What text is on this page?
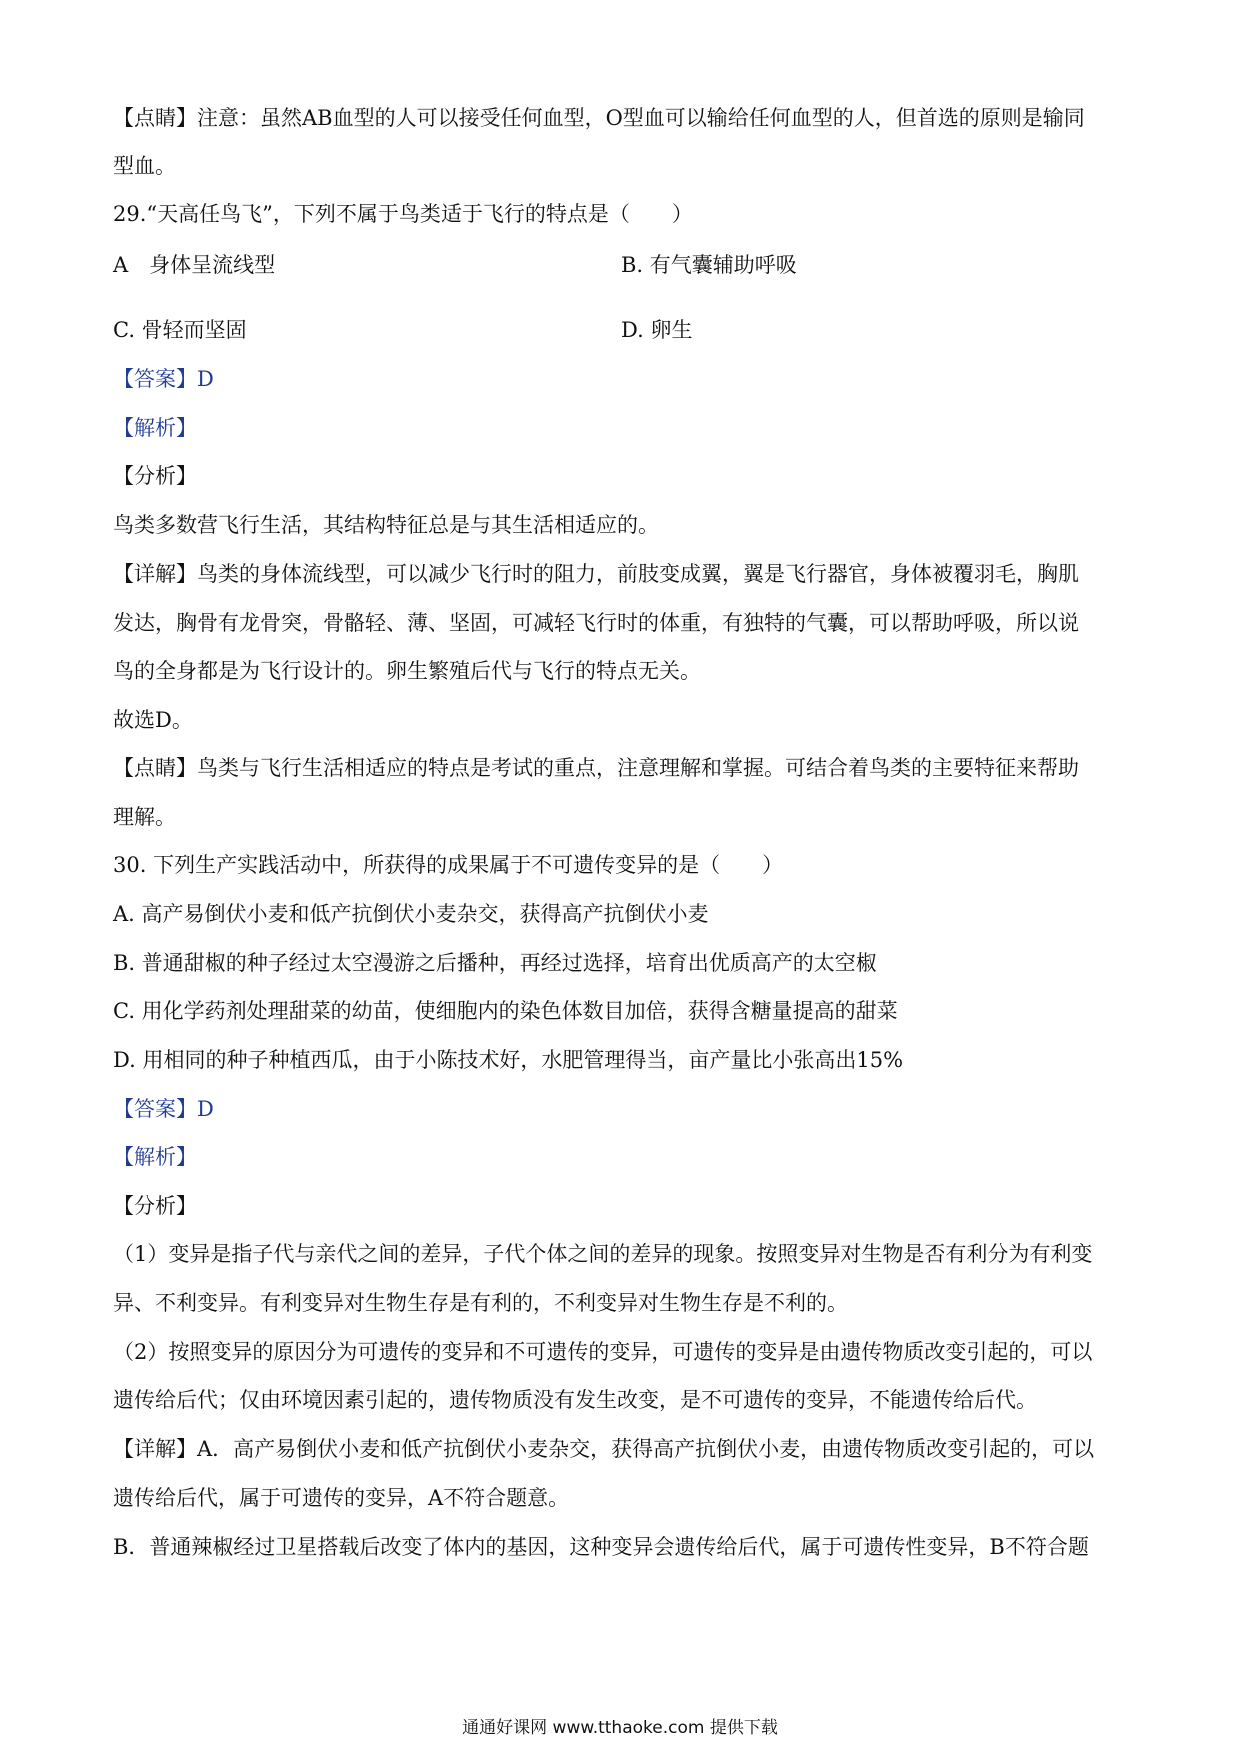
【点睛】注意：虽然AB血型的人可以接受任何血型，O型血可以输给任何血型的人，但首选的原则是输同
型血。
29.“天高任鸟飞”，下列不属于鸟类适于飞行的特点是（　　）
A　身体呈流线型	B. 有气囊辅助呼吸
C. 骨轻而坚固	D. 卵生
【答案】D
【解析】
【分析】
鸟类多数营飞行生活，其结构特征总是与其生活相适应的。
【详解】鸟类的身体流线型，可以减少飞行时的阻力，前肢变成翼，翼是飞行器官，身体被覆羽毛，胸肌
发达，胸骨有龙骨突，骨骼轻、薄、坚固，可减轻飞行时的体重，有独特的气囊，可以帮助呼吸，所以说
鸟的全身都是为飞行设计的。卵生繁殖后代与飞行的特点无关。
故选D。
【点睛】鸟类与飞行生活相适应的特点是考试的重点，注意理解和掌握。可结合着鸟类的主要特征来帮助
理解。
30. 下列生产实践活动中，所获得的成果属于不可遗传变异的是（　　）
A. 高产易倒伏小麦和低产抗倒伏小麦杂交，获得高产抗倒伏小麦
B. 普通甜椒的种子经过太空漫游之后播种，再经过选择，培育出优质高产的太空椒
C. 用化学药剂处理甜菜的幼苗，使细胞内的染色体数目加倍，获得含糖量提高的甜菜
D. 用相同的种子种植西瓜，由于小陈技术好，水肥管理得当，亩产量比小张高出15%
【答案】D
【解析】
【分析】
（1）变异是指子代与亲代之间的差异，子代个体之间的差异的现象。按照变异对生物是否有利分为有利变
异、不利变异。有利变异对生物生存是有利的，不利变异对生物生存是不利的。
（2）按照变异的原因分为可遗传的变异和不可遗传的变异，可遗传的变异是由遗传物质改变引起的，可以
遗传给后代；仅由环境因素引起的，遗传物质没有发生改变，是不可遗传的变异，不能遗传给后代。
【详解】A．高产易倒伏小麦和低产抗倒伏小麦杂交，获得高产抗倒伏小麦，由遗传物质改变引起的，可以
遗传给后代，属于可遗传的变异，A不符合题意。
B．普通辣椒经过卫星搭载后改变了体内的基因，这种变异会遗传给后代，属于可遗传性变异，B不符合题
通通好课网 www.tthaoke.com 提供下载
